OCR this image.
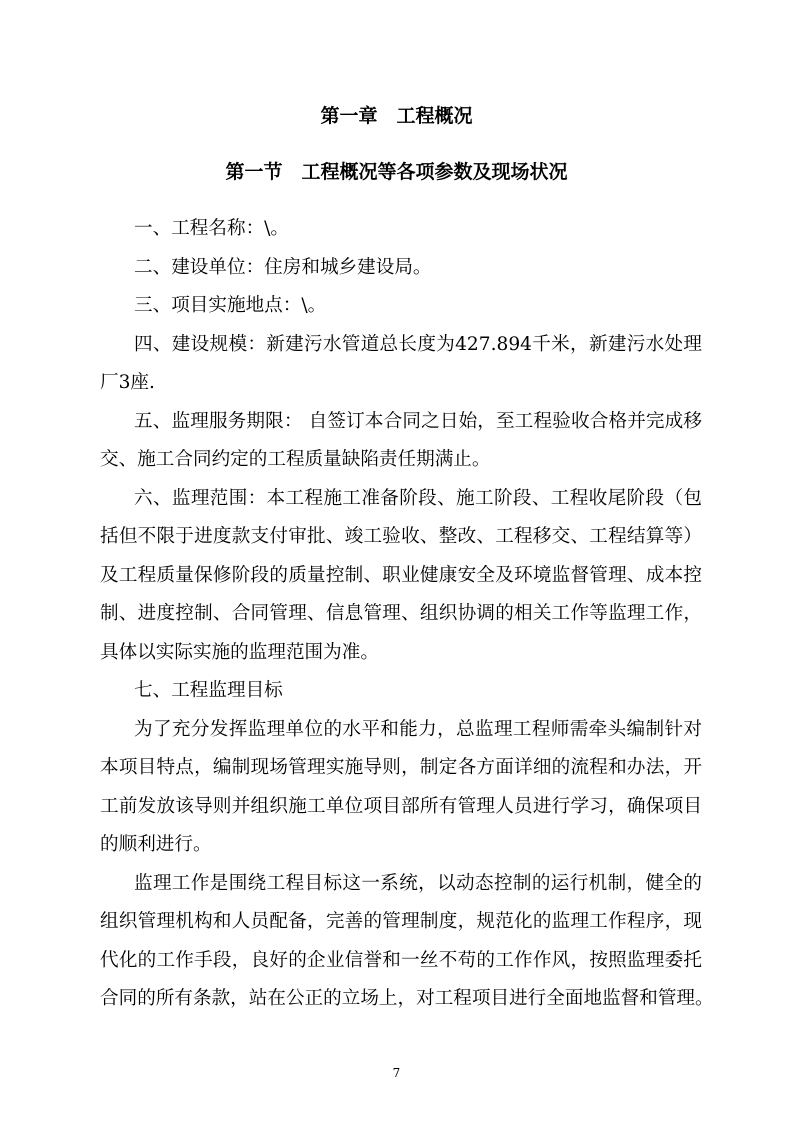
第一章　工程概况
第一节　工程概况等各项参数及现场状况
一、工程名称：\。
二、建设单位：住房和城乡建设局。
三、项目实施地点：\。
四、建设规模：新建污水管道总长度为427.894千米，新建污水处理
厂3座.
五、监理服务期限： 自签订本合同之日始，至工程验收合格并完成移
交、施工合同约定的工程质量缺陷责任期满止。
六、监理范围：本工程施工准备阶段、施工阶段、工程收尾阶段（包
括但不限于进度款支付审批、竣工验收、整改、工程移交、工程结算等）
及工程质量保修阶段的质量控制、职业健康安全及环境监督管理、成本控
制、进度控制、合同管理、信息管理、组织协调的相关工作等监理工作，
具体以实际实施的监理范围为准。
七、工程监理目标
为了充分发挥监理单位的水平和能力，总监理工程师需牵头编制针对
本项目特点，编制现场管理实施导则，制定各方面详细的流程和办法，开
工前发放该导则并组织施工单位项目部所有管理人员进行学习，确保项目
的顺利进行。
监理工作是围绕工程目标这一系统，以动态控制的运行机制，健全的
组织管理机构和人员配备，完善的管理制度，规范化的监理工作程序，现
代化的工作手段，良好的企业信誉和一丝不苟的工作作风，按照监理委托
合同的所有条款，站在公正的立场上，对工程项目进行全面地监督和管理。
7
